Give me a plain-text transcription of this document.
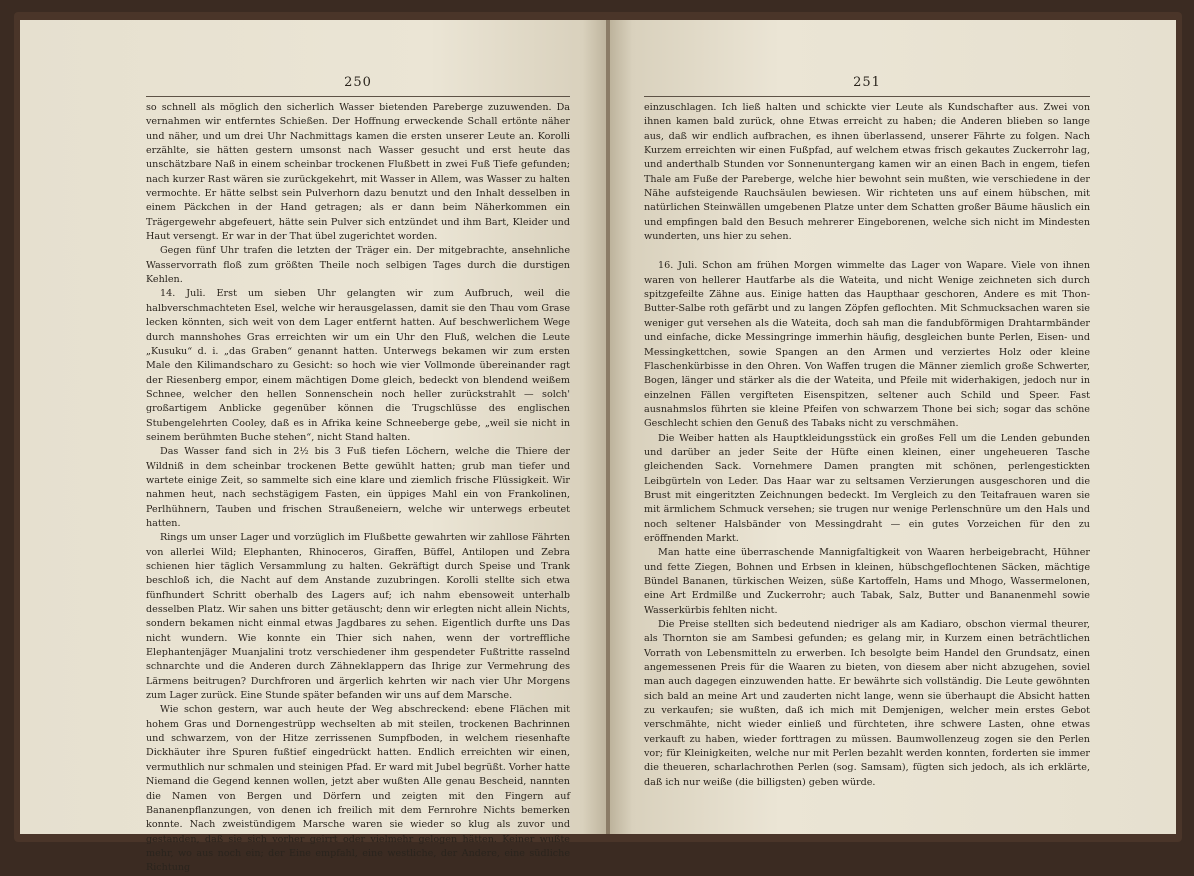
250

so schnell als möglich den sicherlich Wasser bietenden Pareberge zuzuwenden. Da vernahmen wir entferntes Schießen. Der Hoffnung erweckende Schall ertönte näher und näher, und um drei Uhr Nachmittags kamen die ersten unserer Leute an. Korolli erzählte, sie hätten gestern umsonst nach Wasser gesucht und erst heute das unschätzbare Naß in einem scheinbar trockenen Flußbett in zwei Fuß Tiefe gefunden; nach kurzer Rast wären sie zurückgekehrt, mit Wasser in Allem, was Wasser zu halten vermochte. Er hätte selbst sein Pulverhorn dazu benutzt und den Inhalt desselben in einem Päckchen in der Hand getragen; als er dann beim Näherkommen ein Trägergewehr abgefeuert, hätte sein Pulver sich entzündet und ihm Bart, Kleider und Haut versengt. Er war in der That übel zugerichtet worden.

Gegen fünf Uhr trafen die letzten der Träger ein. Der mitgebrachte, ansehnliche Wasservorrath floß zum größten Theile noch selbigen Tages durch die durstigen Kehlen.

14. Juli. Erst um sieben Uhr gelangten wir zum Aufbruch, weil die halbverschmachteten Esel, welche wir herausgelassen, damit sie den Thau vom Grase lecken könnten, sich weit von dem Lager entfernt hatten. Auf beschwerlichem Wege durch mannshohes Gras erreichten wir um ein Uhr den Fluß, welchen die Leute „Kusuku“ d. i. „das Graben“ genannt hatten. Unterwegs bekamen wir zum ersten Male den Kilimandscharo zu Gesicht: so hoch wie vier Vollmonde übereinander ragt der Riesenberg empor, einem mächtigen Dome gleich, bedeckt von blendend weißem Schnee, welcher den hellen Sonnenschein noch heller zurückstrahlt — solch' großartigem Anblicke gegenüber können die Trugschlüsse des englischen Stubengelehrten Cooley, daß es in Afrika keine Schneeberge gebe, „weil sie nicht in seinem berühmten Buche stehen“, nicht Stand halten.

Das Wasser fand sich in 2½ bis 3 Fuß tiefen Löchern, welche die Thiere der Wildniß in dem scheinbar trockenen Bette gewühlt hatten; grub man tiefer und wartete einige Zeit, so sammelte sich eine klare und ziemlich frische Flüssigkeit. Wir nahmen heut, nach sechstägigem Fasten, ein üppiges Mahl ein von Frankolinen, Perlhühnern, Tauben und frischen Straußeneiern, welche wir unterwegs erbeutet hatten.

Rings um unser Lager und vorzüglich im Flußbette gewahrten wir zahllose Fährten von allerlei Wild; Elephanten, Rhinoceros, Giraffen, Büffel, Antilopen und Zebra schienen hier täglich Versammlung zu halten. Gekräftigt durch Speise und Trank beschloß ich, die Nacht auf dem Anstande zuzubringen. Korolli stellte sich etwa fünfhundert Schritt oberhalb des Lagers auf; ich nahm ebensoweit unterhalb desselben Platz. Wir sahen uns bitter getäuscht; denn wir erlegten nicht allein Nichts, sondern bekamen nicht einmal etwas Jagdbares zu sehen. Eigentlich durfte uns Das nicht wundern. Wie konnte ein Thier sich nahen, wenn der vortreffliche Elephantenjäger Muanjalini trotz verschiedener ihm gespendeter Fußtritte rasselnd schnarchte und die Anderen durch Zähneklappern das Ihrige zur Vermehrung des Lärmens beitrugen? Durchfroren und ärgerlich kehrten wir nach vier Uhr Morgens zum Lager zurück. Eine Stunde später befanden wir uns auf dem Marsche.

Wie schon gestern, war auch heute der Weg abschreckend: ebene Flächen mit hohem Gras und Dornengestrüpp wechselten ab mit steilen, trockenen Bachrinnen und schwarzem, von der Hitze zerrissenen Sumpfboden, in welchem riesenhafte Dickhäuter ihre Spuren fußtief eingedrückt hatten. Endlich erreichten wir einen, vermuthlich nur schmalen und steinigen Pfad. Er ward mit Jubel begrüßt. Vorher hatte Niemand die Gegend kennen wollen, jetzt aber wußten Alle genau Bescheid, nannten die Namen von Bergen und Dörfern und zeigten mit den Fingern auf Bananenpflanzungen, von denen ich freilich mit dem Fernrohre Nichts bemerken konnte. Nach zweistündigem Marsche waren sie wieder so klug als zuvor und gestanden, daß sie sich vorher geirrt oder vielmehr gelogen hätten. Keiner wußte mehr, wo aus noch ein; der Eine empfahl, eine westliche, der Andere, eine südliche Richtung

251

einzuschlagen. Ich ließ halten und schickte vier Leute als Kundschafter aus. Zwei von ihnen kamen bald zurück, ohne Etwas erreicht zu haben; die Anderen blieben so lange aus, daß wir endlich aufbrachen, es ihnen überlassend, unserer Fährte zu folgen. Nach Kurzem erreichten wir einen Fußpfad, auf welchem etwas frisch gekautes Zuckerrohr lag, und anderthalb Stunden vor Sonnenuntergang kamen wir an einen Bach in engem, tiefen Thale am Fuße der Pareberge, welche hier bewohnt sein mußten, wie verschiedene in der Nähe aufsteigende Rauchsäulen bewiesen. Wir richteten uns auf einem hübschen, mit natürlichen Steinwällen umgebenen Platze unter dem Schatten großer Bäume häuslich ein und empfingen bald den Besuch mehrerer Eingeborenen, welche sich nicht im Mindesten wunderten, uns hier zu sehen.

16. Juli. Schon am frühen Morgen wimmelte das Lager von Wapare. Viele von ihnen waren von hellerer Hautfarbe als die Wateita, und nicht Wenige zeichneten sich durch spitzgefeilte Zähne aus. Einige hatten das Haupthaar geschoren, Andere es mit Thon-Butter-Salbe roth gefärbt und zu langen Zöpfen geflochten. Mit Schmucksachen waren sie weniger gut versehen als die Wateita, doch sah man die fandubförmigen Drahtarmbänder und einfache, dicke Messingringe immerhin häufig, desgleichen bunte Perlen, Eisen- und Messingkettchen, sowie Spangen an den Armen und verziertes Holz oder kleine Flaschenkürbisse in den Ohren. Von Waffen trugen die Männer ziemlich große Schwerter, Bogen, länger und stärker als die der Wateita, und Pfeile mit widerhakigen, jedoch nur in einzelnen Fällen vergifteten Eisenspitzen, seltener auch Schild und Speer. Fast ausnahmslos führten sie kleine Pfeifen von schwarzem Thone bei sich; sogar das schöne Geschlecht schien den Genuß des Tabaks nicht zu verschmähen.

Die Weiber hatten als Hauptkleidungsstück ein großes Fell um die Lenden gebunden und darüber an jeder Seite der Hüfte einen kleinen, einer ungeheueren Tasche gleichenden Sack. Vornehmere Damen prangten mit schönen, perlengestickten Leibgürteln von Leder. Das Haar war zu seltsamen Verzierungen ausgeschoren und die Brust mit eingeritzten Zeichnungen bedeckt. Im Vergleich zu den Teitafrauen waren sie mit ärmlichem Schmuck versehen; sie trugen nur wenige Perlenschnüre um den Hals und noch seltener Halsbänder von Messingdraht — ein gutes Vorzeichen für den zu eröffnenden Markt.

Man hatte eine überraschende Mannigfaltigkeit von Waaren herbeigebracht, Hühner und fette Ziegen, Bohnen und Erbsen in kleinen, hübschgeflochtenen Säcken, mächtige Bündel Bananen, türkischen Weizen, süße Kartoffeln, Hams und Mhogo, Wassermelonen, eine Art Erdmilße und Zuckerrohr; auch Tabak, Salz, Butter und Bananenmehl sowie Wasserkürbis fehlten nicht.

Die Preise stellten sich bedeutend niedriger als am Kadiaro, obschon viermal theurer, als Thornton sie am Sambesi gefunden; es gelang mir, in Kurzem einen beträchtlichen Vorrath von Lebensmitteln zu erwerben. Ich besolgte beim Handel den Grundsatz, einen angemessenen Preis für die Waaren zu bieten, von diesem aber nicht abzugehen, soviel man auch dagegen einzuwenden hatte. Er bewährte sich vollständig. Die Leute gewöhnten sich bald an meine Art und zauderten nicht lange, wenn sie überhaupt die Absicht hatten zu verkaufen; sie wußten, daß ich mich mit Demjenigen, welcher mein erstes Gebot verschmähte, nicht wieder einließ und fürchteten, ihre schwere Lasten, ohne etwas verkauft zu haben, wieder forttragen zu müssen. Baumwollenzeug zogen sie den Perlen vor; für Kleinigkeiten, welche nur mit Perlen bezahlt werden konnten, forderten sie immer die theueren, scharlachrothen Perlen (sog. Samsam), fügten sich jedoch, als ich erklärte, daß ich nur weiße (die billigsten) geben würde.
